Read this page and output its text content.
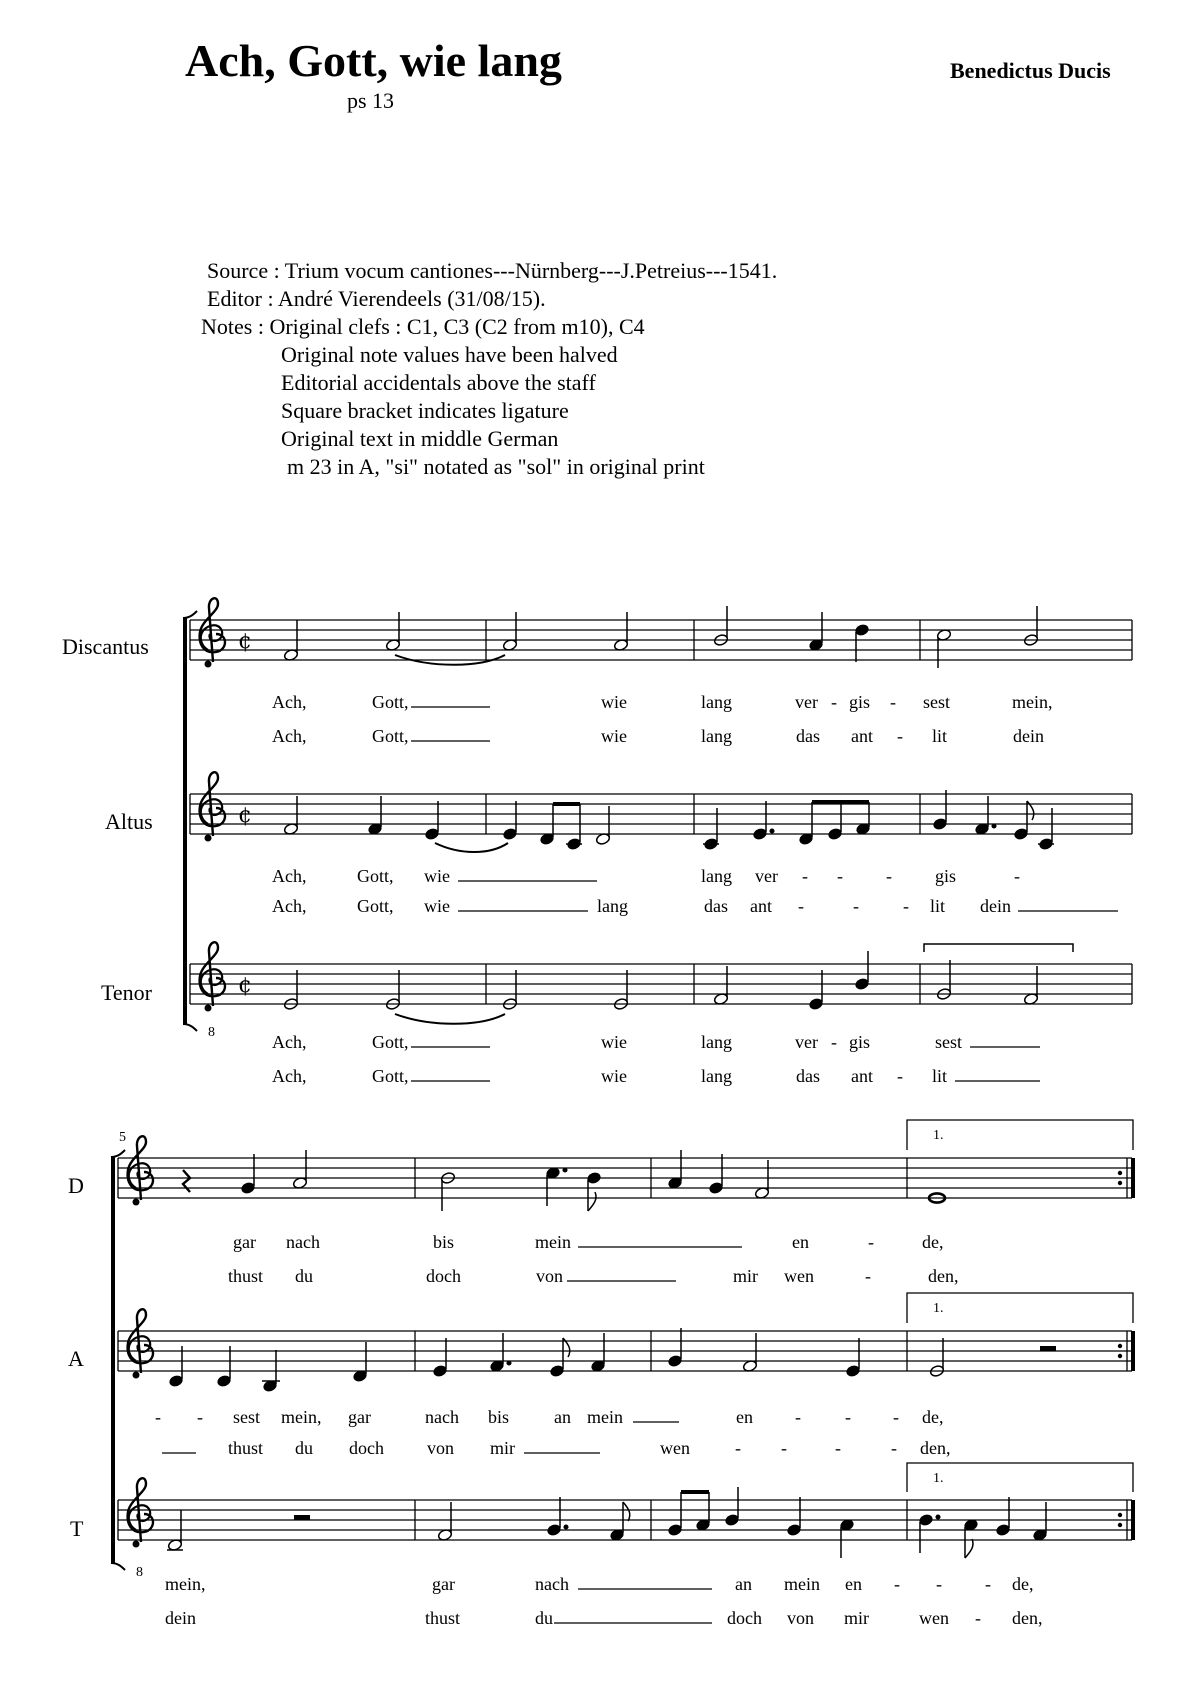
Ach, Gott, wie lang
ps 13
Benedictus Ducis
Source : Trium vocum cantiones---Nürnberg---J.Petreius---1541.
Editor : André Vierendeels (31/08/15).
Notes : Original clefs : C1, C3 (C2 from m10), C4
Original note values have been halved
Editorial accidentals above the staff
Square bracket indicates ligature
Original text in middle German
m 23 in A, "si" notated as "sol" in original print
Discantus
Altus
Tenor
D
A
T
5
8
8
1.
1.
1.
Ach,	Gott,	wie	lang	ver - gis - sest	mein,
Ach,	Gott,	wie	lang	das ant - lit	dein
Ach,	Gott, wie	lang ver - - - gis	-
Ach,	Gott, wie	lang	das ant -	- - lit dein
Ach,	Gott,	wie	lang	ver - gis	sest
Ach,	Gott,	wie	lang	das ant - lit
gar nach	bis	mein	en	-	de,
thust du	doch	von	mir wen	-	den,
- - sest mein, gar	nach bis an mein	en - - - de,
thust du doch von mir	wen	- -	-	- den,
mein,	gar	nach	an mein en - - - de,
dein	thust	du	doch von mir	wen - den,
¢
¢
¢
